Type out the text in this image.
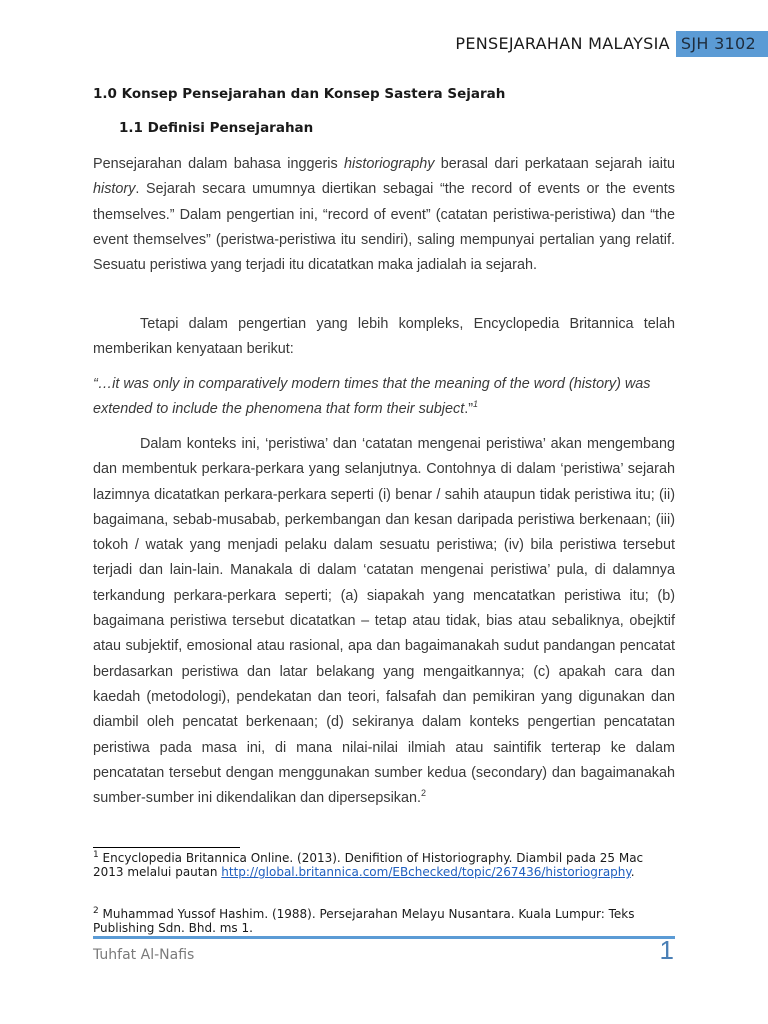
PENSEJARAHAN MALAYSIA SJH 3102
1.0 Konsep Pensejarahan dan Konsep Sastera Sejarah
1.1 Definisi Pensejarahan

Pensejarahan dalam bahasa inggeris historiography berasal dari perkataan sejarah iaitu history. Sejarah secara umumnya diertikan sebagai “the record of events or the events themselves.” Dalam pengertian ini, “record of event” (catatan peristiwa-peristiwa) dan “the event themselves” (peristwa-peristiwa itu sendiri), saling mempunyai pertalian yang relatif. Sesuatu peristiwa yang terjadi itu dicatatkan maka jadialah ia sejarah.

Tetapi dalam pengertian yang lebih kompleks, Encyclopedia Britannica telah memberikan kenyataan berikut:

“…it was only in comparatively modern times that the meaning of the word (history) was extended to include the phenomena that form their subject.”$^1$

Dalam konteks ini, ‘peristiwa’ dan ‘catatan mengenai peristiwa’ akan mengembang dan membentuk perkara-perkara yang selanjutnya. Contohnya di dalam ‘peristiwa’ sejarah lazimnya dicatatkan perkara-perkara seperti (i) benar / sahih ataupun tidak peristiwa itu; (ii) bagaimana, sebab-musabab, perkembangan dan kesan daripada peristiwa berkenaan; (iii) tokoh / watak yang menjadi pelaku dalam sesuatu peristiwa; (iv) bila peristiwa tersebut terjadi dan lain-lain. Manakala di dalam ‘catatan mengenai peristiwa’ pula, di dalamnya terkandung perkara-perkara seperti; (a) siapakah yang mencatatkan peristiwa itu; (b) bagaimana peristiwa tersebut dicatatkan – tetap atau tidak, bias atau sebaliknya, obejktif atau subjektif, emosional atau rasional, apa dan bagaimanakah sudut pandangan pencatat berdasarkan peristiwa dan latar belakang yang mengaitkannya; (c) apakah cara dan kaedah (metodologi), pendekatan dan teori, falsafah dan pemikiran yang digunakan dan diambil oleh pencatat berkenaan; (d) sekiranya dalam konteks pengertian pencatatan peristiwa pada masa ini, di mana nilai-nilai ilmiah atau saintifik terterap ke dalam pencatatan tersebut dengan menggunakan sumber kedua (secondary) dan bagaimanakah sumber-sumber ini dikendalikan dan dipersepsikan.$^2$

$^1$ Encyclopedia Britannica Online. (2013). Denifition of Historiography. Diambil pada 25 Mac 2013 melalui pautan http://global.britannica.com/EBchecked/topic/267436/historiography.

$^2$ Muhammad Yussof Hashim. (1988). Persejarahan Melayu Nusantara. Kuala Lumpur: Teks Publishing Sdn. Bhd. ms 1.

Tuhfat Al-Nafis	1
